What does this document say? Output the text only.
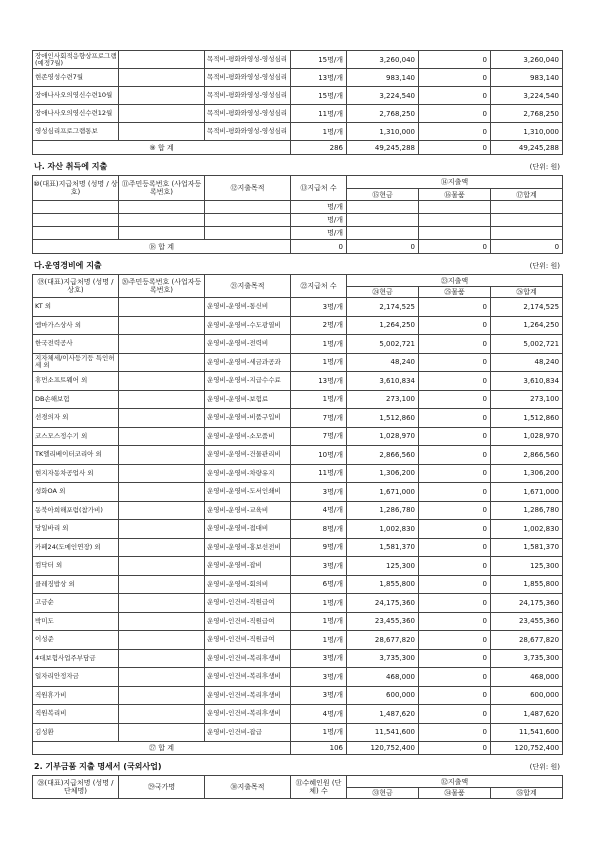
장애인사회적응향상프로그램 (예정7월)		목적비-평화와영성-영성심리	15명/개	3,260,040	0	3,260,040
현존영성수련7월		목적비-평화와영성-영성심리	13명/개	983,140	0	983,140
장애나사오의영신수련10월		목적비-평화와영성-영성심리	15명/개	3,224,540	0	3,224,540
장애나사오의영신수련12월		목적비-평화와영성-영성심리	11명/개	2,768,250	0	2,768,250
영성심리프로그램통보		목적비-평화와영성-영성심리	1명/개	1,310,000	0	1,310,000
⑨ 합 계			286	49,245,288	0	49,245,288
나. 자산 취득에 지출	(단위: 원)
⑩(대표)지급처명 (성명 / 상호)	⑪주민등록번호 (사업자등록번호)	⑫지출목적	⑬지급처 수	⑭지출액		
				⑮현금	⑯물품	⑰합계
			명/개			
			명/개			
			명/개			
⑱ 합 계			0	0	0	0
다.운영경비에 지출	(단위: 원)
⑲(대표)지급처명 (성명 / 상호)	⑳주민등록번호 (사업자등록번호)	㉑지출목적	㉒지급처 수	㉓지출액		
				㉔현금	㉕물품	㉖합계
KT 외		운영비-운영비-통신비	3명/개	2,174,525	0	2,174,525
엠마가스상사 외		운영비-운영비-수도광열비	2명/개	1,264,250	0	1,264,250
한국전력공사		운영비-운영비-전력비	1명/개	5,002,721	0	5,002,721
지자체세/이사등기등 특인허세 외		운영비-운영비-세금과공과	1명/개	48,240	0	48,240
휴먼소프트웨어 외		운영비-운영비-지급수수료	13명/개	3,610,834	0	3,610,834
DB손해보험		운영비-운영비-보험료	1명/개	273,100	0	273,100
선경의자 외		운영비-운영비-비품구입비	7명/개	1,512,860	0	1,512,860
코스모스정수기 외		운영비-운영비-소모품비	7명/개	1,028,970	0	1,028,970
TK엘리베이터코리아 외		운영비-운영비-건물관리비	10명/개	2,866,560	0	2,866,560
현지자동차공업사 외		운영비-운영비-차량유지	11명/개	1,306,200	0	1,306,200
성화OA 외		운영비-운영비-도서인쇄비	3명/개	1,671,000	0	1,671,000
동북아희해포럼(참가비)		운영비-운영비-교육비	4명/개	1,286,780	0	1,286,780
당일바리 외		운영비-운영비-접대비	8명/개	1,002,830	0	1,002,830
카페24(도메인연장) 외		운영비-운영비-홍보선전비	9명/개	1,581,370	0	1,581,370
컴닥터 외		운영비-운영비-잡비	3명/개	125,300	0	125,300
클레징밥상 외		운영비-운영비-회의비	6명/개	1,855,800	0	1,855,800
고금순		운영비-인건비-직원급여	1명/개	24,175,360	0	24,175,360
박미도		운영비-인건비-직원급여	1명/개	23,455,360	0	23,455,360
이성준		운영비-인건비-직원급여	1명/개	28,677,820	0	28,677,820
4대보험사업주부담금		운영비-인건비-복리후생비	3명/개	3,735,300	0	3,735,300
일자리안정자금		운영비-인건비-복리후생비	3명/개	468,000	0	468,000
직원휴가비		운영비-인건비-복리후생비	3명/개	600,000	0	600,000
직원복리비		운영비-인건비-복리후생비	4명/개	1,487,620	0	1,487,620
김성환		운영비-인건비-잡급	1명/개	11,541,600	0	11,541,600
㉗ 합 계			106	120,752,400	0	120,752,400
2. 기부금품 지출 명세서 (국외사업)	(단위: 원)
㉘(대표)지급처명 (성명 / 단체명)	㉙국가명	㉚지출목적	㉛수혜인원 (단체) 수	㉜지출액		
				㉝현금	㉞물품	㉟합계
